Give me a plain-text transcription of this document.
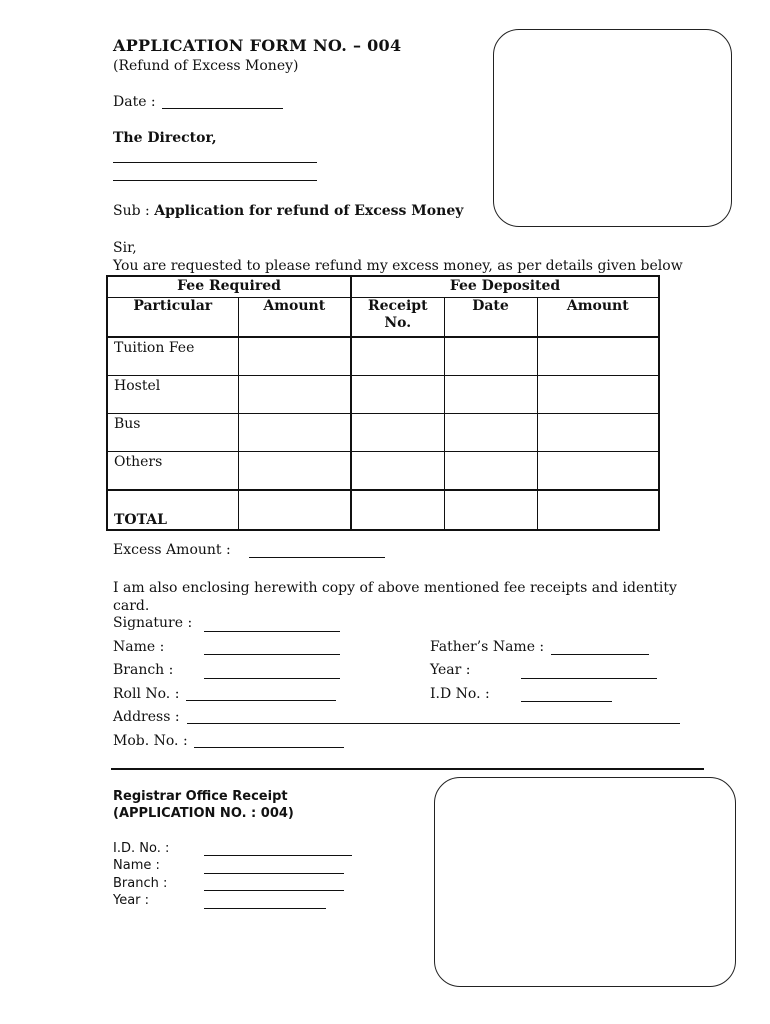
APPLICATION FORM NO. – 004
(Refund of Excess Money)
Date :
The Director,
Sub : Application for refund of Excess Money
Sir,
You are requested to please refund my excess money, as per details given below
Fee Required		Fee Deposited		
Particular	Amount	Receipt No.	Date	Amount
Tuition Fee				
Hostel				
Bus				
Others				
TOTAL				
Excess Amount :
I am also enclosing herewith copy of above mentioned fee receipts and identity card.
Signature :
Name :
Branch :
Roll No. :
Address :
Mob. No. :
Father’s Name :
Year :
I.D No. :
Registrar Office Receipt
(APPLICATION NO. : 004)
I.D. No. :
Name :
Branch :
Year :
